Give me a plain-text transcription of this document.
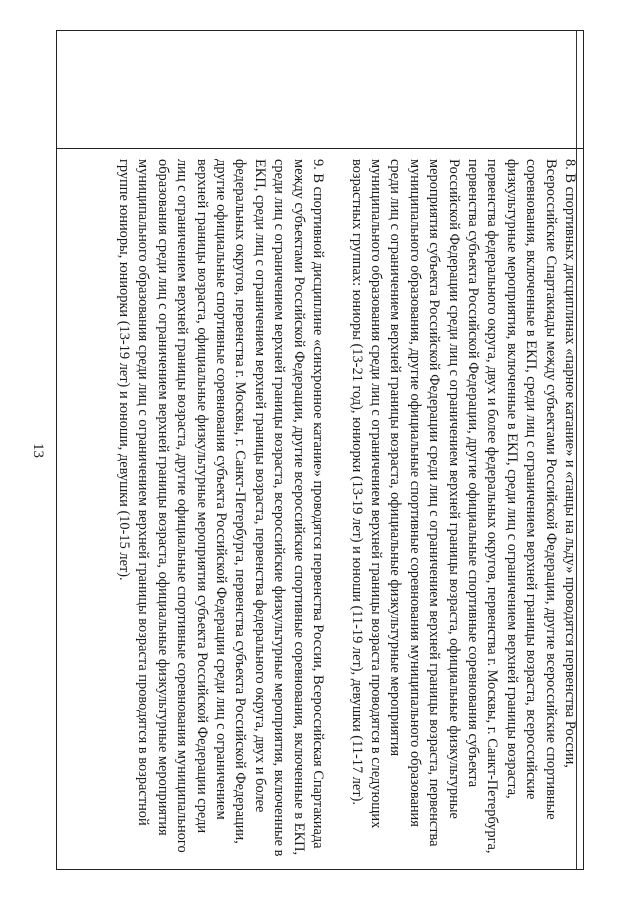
13	8. В спортивных дисциплинах «парное катание» и «танцы на льду» проводятся первенства России, Всероссийские Спартакиады между субъектами Российской Федерации, другие всероссийские спортивные соревнования, включенные в ЕКП, среди лиц с ограничением верхней границы возраста, всероссийские физкультурные мероприятия, включенные в ЕКП, среди лиц с ограничением верхней границы возраста, первенства федерального округа, двух и более федеральных округов, первенства г. Москвы, г. Санкт-Петербурга, первенства субъекта Российской Федерации, другие официальные спортивные соревнования субъекта Российской Федерации среди лиц с ограничением верхней границы возраста, официальные физкультурные мероприятия субъекта Российской Федерации среди лиц с ограничением верхней границы возраста, первенства муниципального образования, другие официальные спортивные соревнования муниципального образования среди лиц с ограничением верхней границы возраста, официальные физкультурные мероприятия муниципального образования среди лиц с ограничением верхней границы возраста проводятся в следующих возрастных группах: юниоры (13-21 год), юниорки (13-19 лет) и юноши (11-19 лет), девушки (11-17 лет).

9. В спортивной дисциплине «синхронное катание» проводятся первенства России, Всероссийская Спартакиада между субъектами Российской Федерации, другие всероссийские спортивные соревнования, включенные в ЕКП, среди лиц с ограничением верхней границы возраста, всероссийские физкультурные мероприятия, включенные в ЕКП, среди лиц с ограничением верхней границы возраста, первенства федерального округа, двух и более федеральных округов, первенства г. Москвы, г. Санкт-Петербурга, первенства субъекта Российской Федерации, другие официальные спортивные соревнования субъекта Российской Федерации среди лиц с ограничением верхней границы возраста, официальные физкультурные мероприятия субъекта Российской Федерации среди лиц с ограничением верхней границы возраста, другие официальные спортивные соревнования муниципального образования среди лиц с ограничением верхней границы возраста, официальные физкультурные мероприятия муниципального образования среди лиц с ограничением верхней границы возраста проводятся в возрастной группе юниоры, юниорки (13-19 лет) и юноши, девушки (10-15 лет).
